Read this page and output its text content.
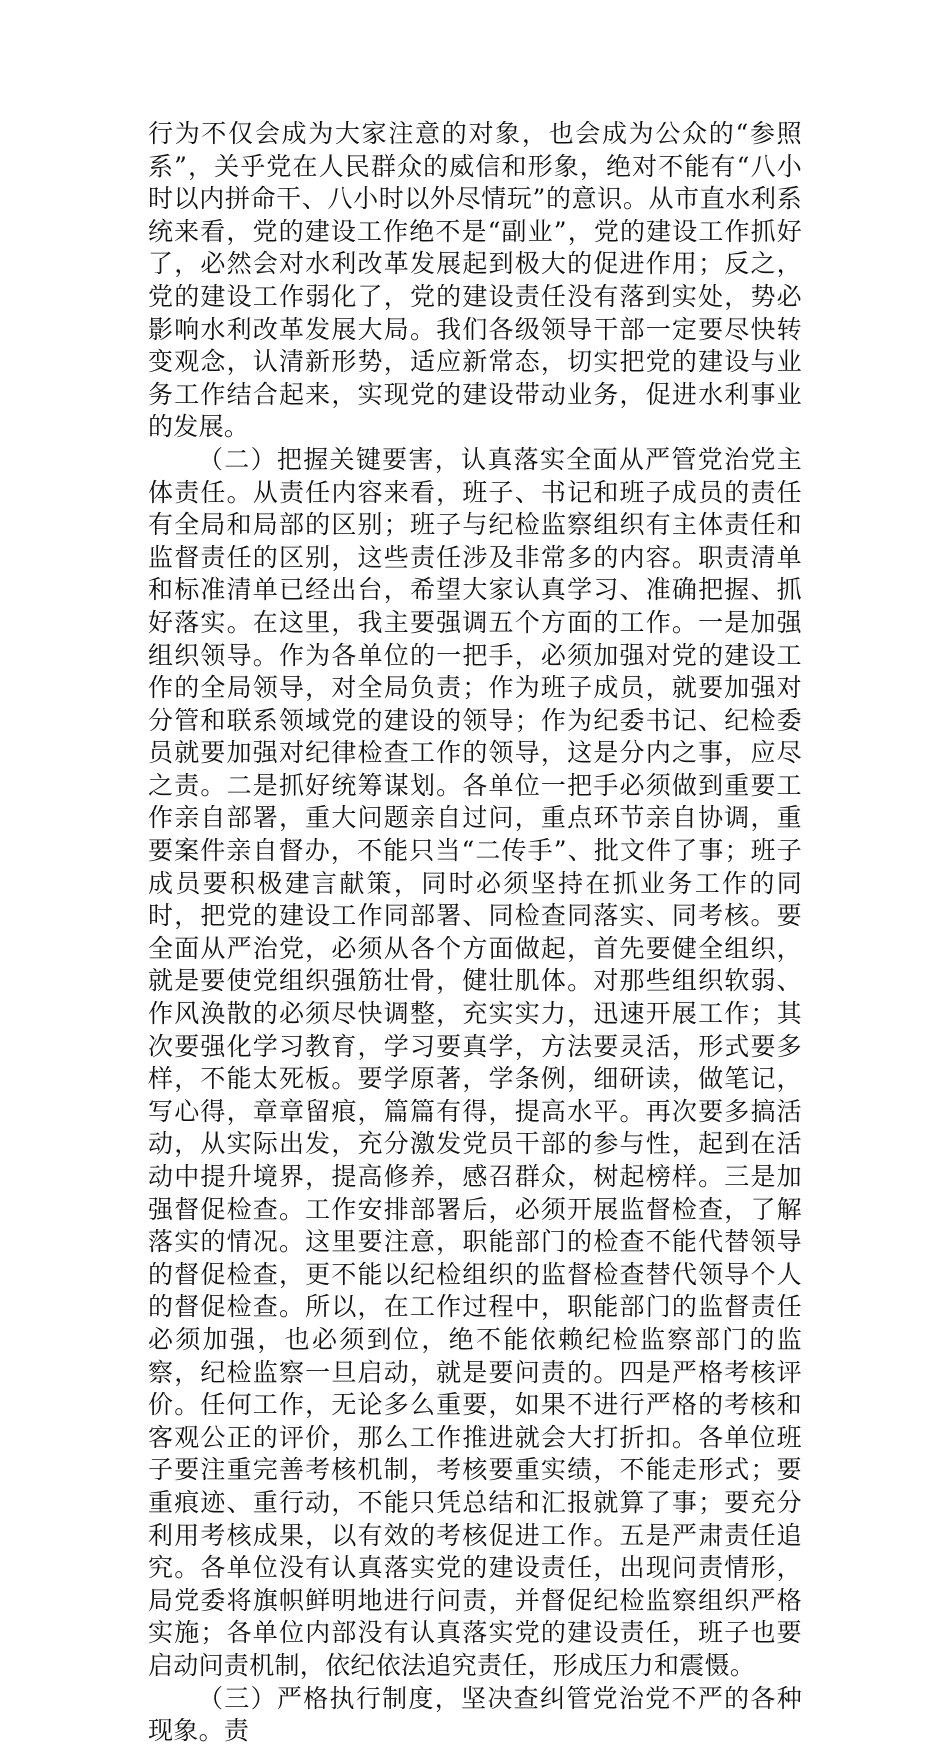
行为不仅会成为大家注意的对象，也会成为公众的“参照系”，关乎党在人民群众的威信和形象，绝对不能有“八小时以内拼命干、八小时以外尽情玩”的意识。从市直水利系统来看，党的建设工作绝不是“副业”，党的建设工作抓好了，必然会对水利改革发展起到极大的促进作用；反之，党的建设工作弱化了，党的建设责任没有落到实处，势必影响水利改革发展大局。我们各级领导干部一定要尽快转变观念，认清新形势，适应新常态，切实把党的建设与业务工作结合起来，实现党的建设带动业务，促进水利事业的发展。

（二）把握关键要害，认真落实全面从严管党治党主体责任。从责任内容来看，班子、书记和班子成员的责任有全局和局部的区别；班子与纪检监察组织有主体责任和监督责任的区别，这些责任涉及非常多的内容。职责清单和标准清单已经出台，希望大家认真学习、准确把握、抓好落实。在这里，我主要强调五个方面的工作。一是加强组织领导。作为各单位的一把手，必须加强对党的建设工作的全局领导，对全局负责；作为班子成员，就要加强对分管和联系领域党的建设的领导；作为纪委书记、纪检委员就要加强对纪律检查工作的领导，这是分内之事，应尽之责。二是抓好统筹谋划。各单位一把手必须做到重要工作亲自部署，重大问题亲自过问，重点环节亲自协调，重要案件亲自督办，不能只当“二传手”、批文件了事；班子成员要积极建言献策，同时必须坚持在抓业务工作的同时，把党的建设工作同部署、同检查同落实、同考核。要全面从严治党，必须从各个方面做起，首先要健全组织，就是要使党组织强筋壮骨，健壮肌体。对那些组织软弱、作风涣散的必须尽快调整，充实实力，迅速开展工作；其次要强化学习教育，学习要真学，方法要灵活，形式要多样，不能太死板。要学原著，学条例，细研读，做笔记，写心得，章章留痕，篇篇有得，提高水平。再次要多搞活动，从实际出发，充分激发党员干部的参与性，起到在活动中提升境界，提高修养，感召群众，树起榜样。三是加强督促检查。工作安排部署后，必须开展监督检查，了解落实的情况。这里要注意，职能部门的检查不能代替领导的督促检查，更不能以纪检组织的监督检查替代领导个人的督促检查。所以，在工作过程中，职能部门的监督责任必须加强，也必须到位，绝不能依赖纪检监察部门的监察，纪检监察一旦启动，就是要问责的。四是严格考核评价。任何工作，无论多么重要，如果不进行严格的考核和客观公正的评价，那么工作推进就会大打折扣。各单位班子要注重完善考核机制，考核要重实绩，不能走形式；要重痕迹、重行动，不能只凭总结和汇报就算了事；要充分利用考核成果，以有效的考核促进工作。五是严肃责任追究。各单位没有认真落实党的建设责任，出现问责情形，局党委将旗帜鲜明地进行问责，并督促纪检监察组织严格实施；各单位内部没有认真落实党的建设责任，班子也要启动问责机制，依纪依法追究责任，形成压力和震慑。

（三）严格执行制度，坚决查纠管党治党不严的各种现象。责
